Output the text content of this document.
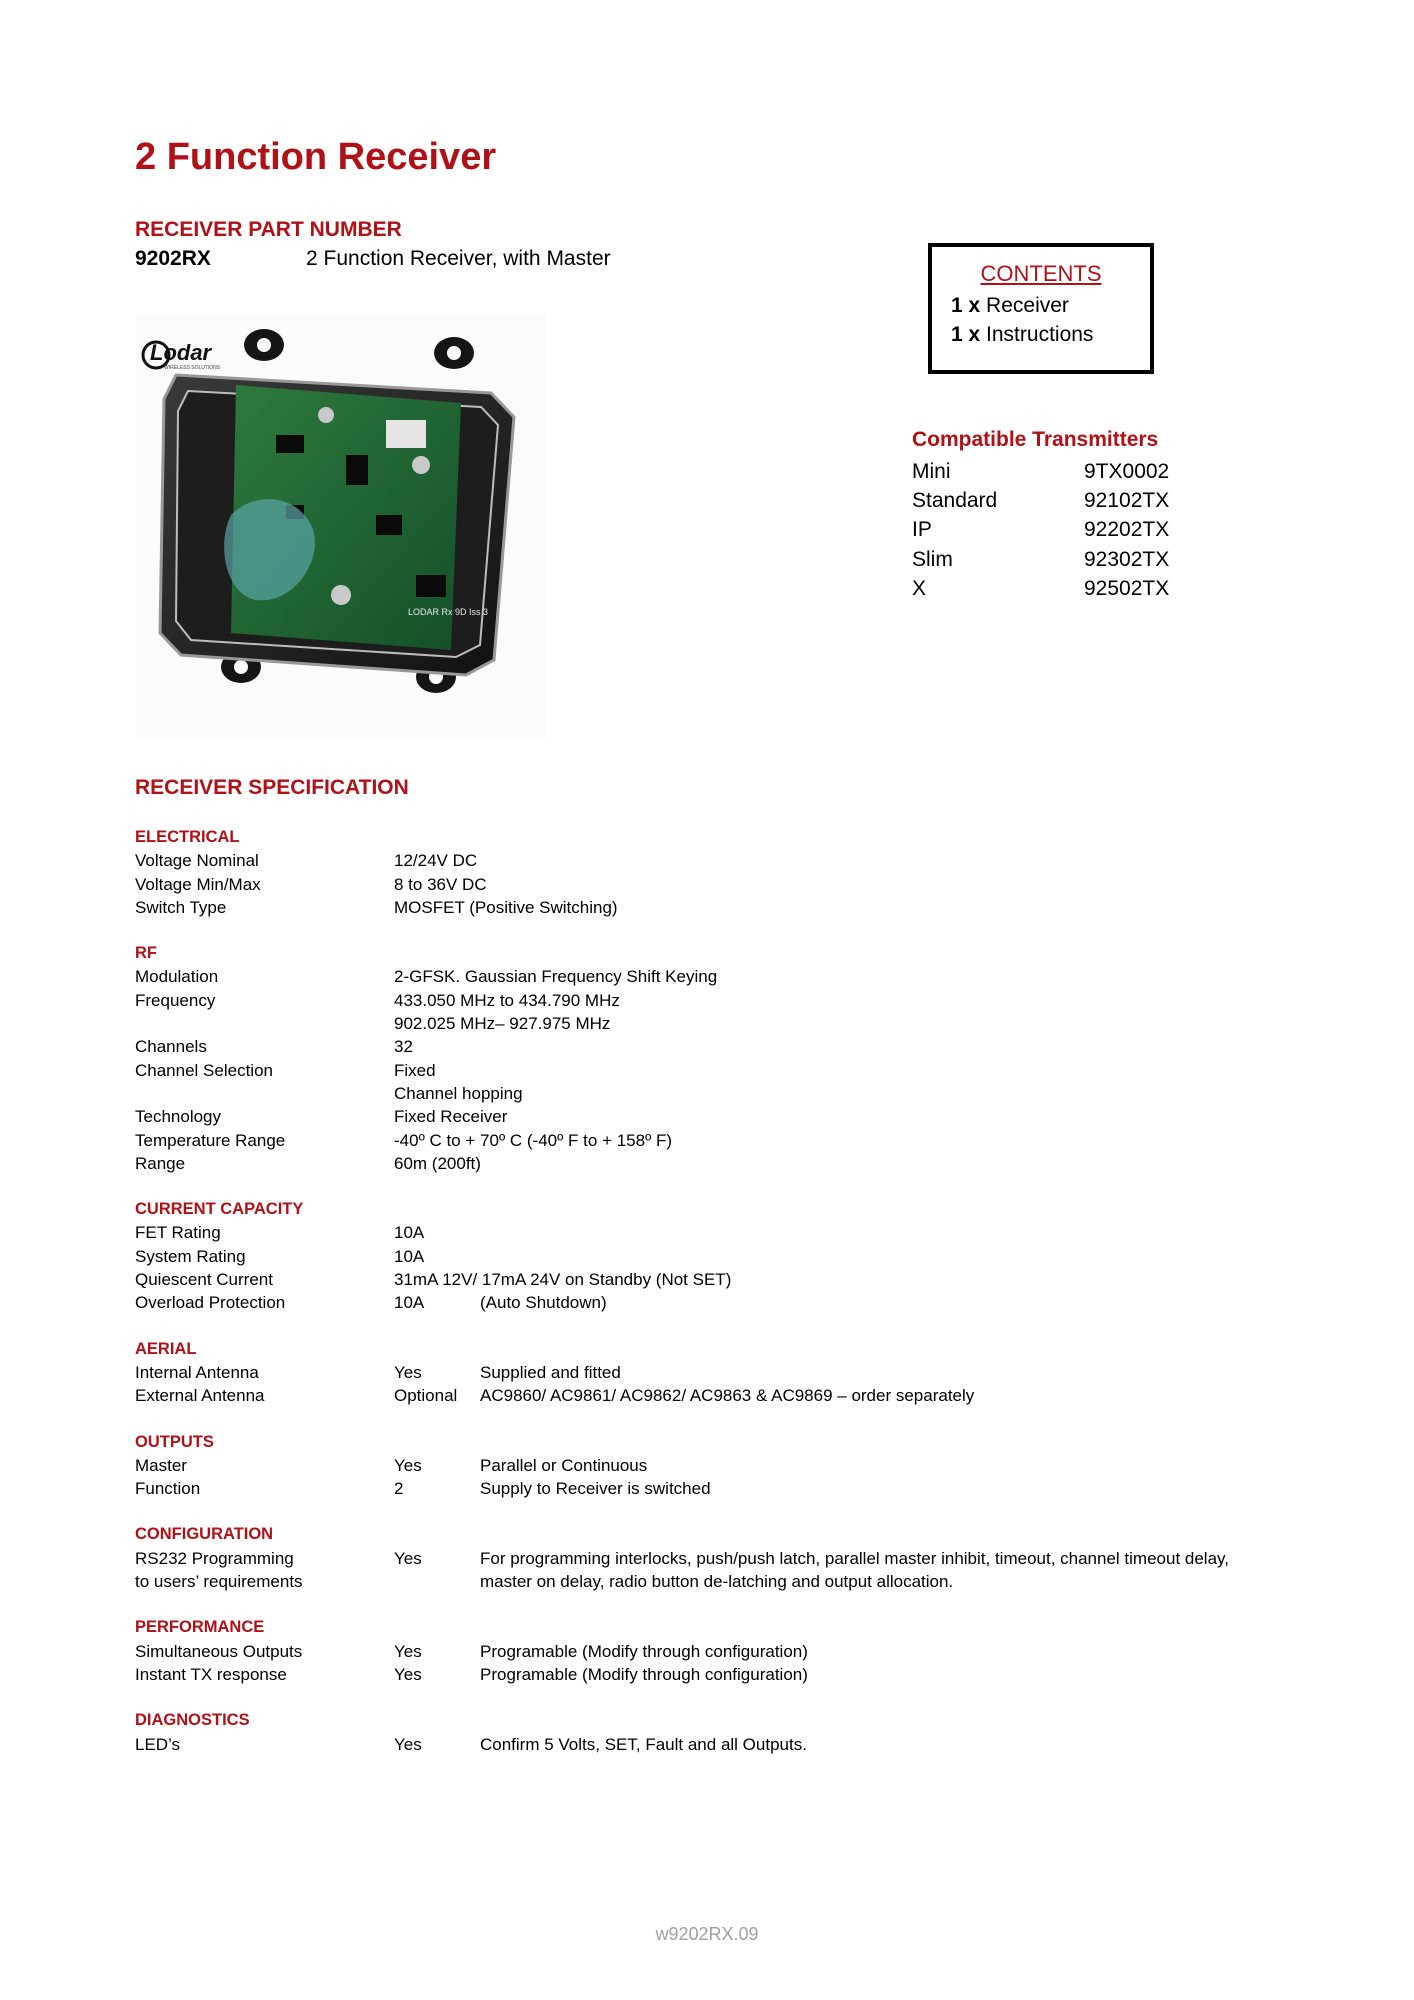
2 Function Receiver
RECEIVER PART NUMBER
9202RX	2 Function Receiver, with Master
LODAR Rx 9D Iss 3
Lodar
WIRELESS SOLUTIONS
CONTENTS
1 x Receiver
1 x Instructions
Compatible Transmitters
Mini	9TX0002
Standard	92102TX
IP	92202TX
Slim	92302TX
X	92502TX
RECEIVER SPECIFICATION
ELECTRICAL
Voltage Nominal	12/24V DC
Voltage Min/Max	8 to 36V DC
Switch Type	MOSFET (Positive Switching)
RF
Modulation	2-GFSK. Gaussian Frequency Shift Keying
Frequency	433.050 MHz to 434.790 MHz
902.025 MHz– 927.975 MHz
Channels	32
Channel Selection	Fixed
Channel hopping
Technology	Fixed Receiver
Temperature Range	-40º C to + 70º C (-40º F to + 158º F)
Range	60m (200ft)
CURRENT CAPACITY
FET Rating	10A
System Rating	10A
Quiescent Current	31mA 12V/ 17mA 24V on Standby (Not SET)
Overload Protection	10A	(Auto Shutdown)
AERIAL
Internal Antenna	Yes	Supplied and fitted
External Antenna	Optional	AC9860/ AC9861/ AC9862/ AC9863 & AC9869 – order separately
OUTPUTS
Master	Yes	Parallel or Continuous
Function	2	Supply to Receiver is switched
CONFIGURATION
RS232 Programming	Yes	For programming interlocks, push/push latch, parallel master inhibit, timeout, channel timeout delay,
to users’ requirements	master on delay, radio button de-latching and output allocation.
PERFORMANCE
Simultaneous Outputs	Yes	Programable (Modify through configuration)
Instant TX response	Yes	Programable (Modify through configuration)
DIAGNOSTICS
LED’s	Yes	Confirm 5 Volts, SET, Fault and all Outputs.
w9202RX.09
